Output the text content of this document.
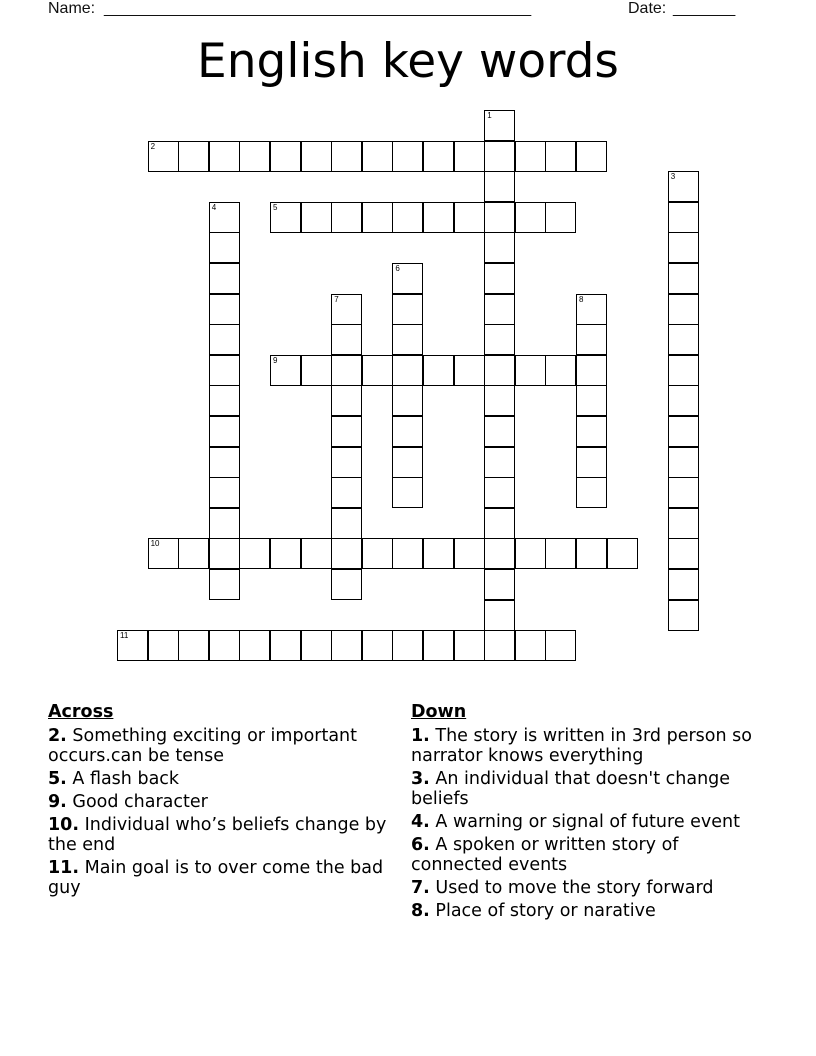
Name: ________________________________________________	Date: _______
English key words
2
5
9
10
11
1
3
4
6
7	8
Across
2. Something exciting or important occurs.can be tense
5. A flash back
9. Good character
10. Individual who’s beliefs change by the end
11. Main goal is to over come the bad guy
Down
1. The story is written in 3rd person so narrator knows everything
3. An individual that doesn't change beliefs
4. A warning or signal of future event
6. A spoken or written story of connected events
7. Used to move the story forward
8. Place of story or narative
